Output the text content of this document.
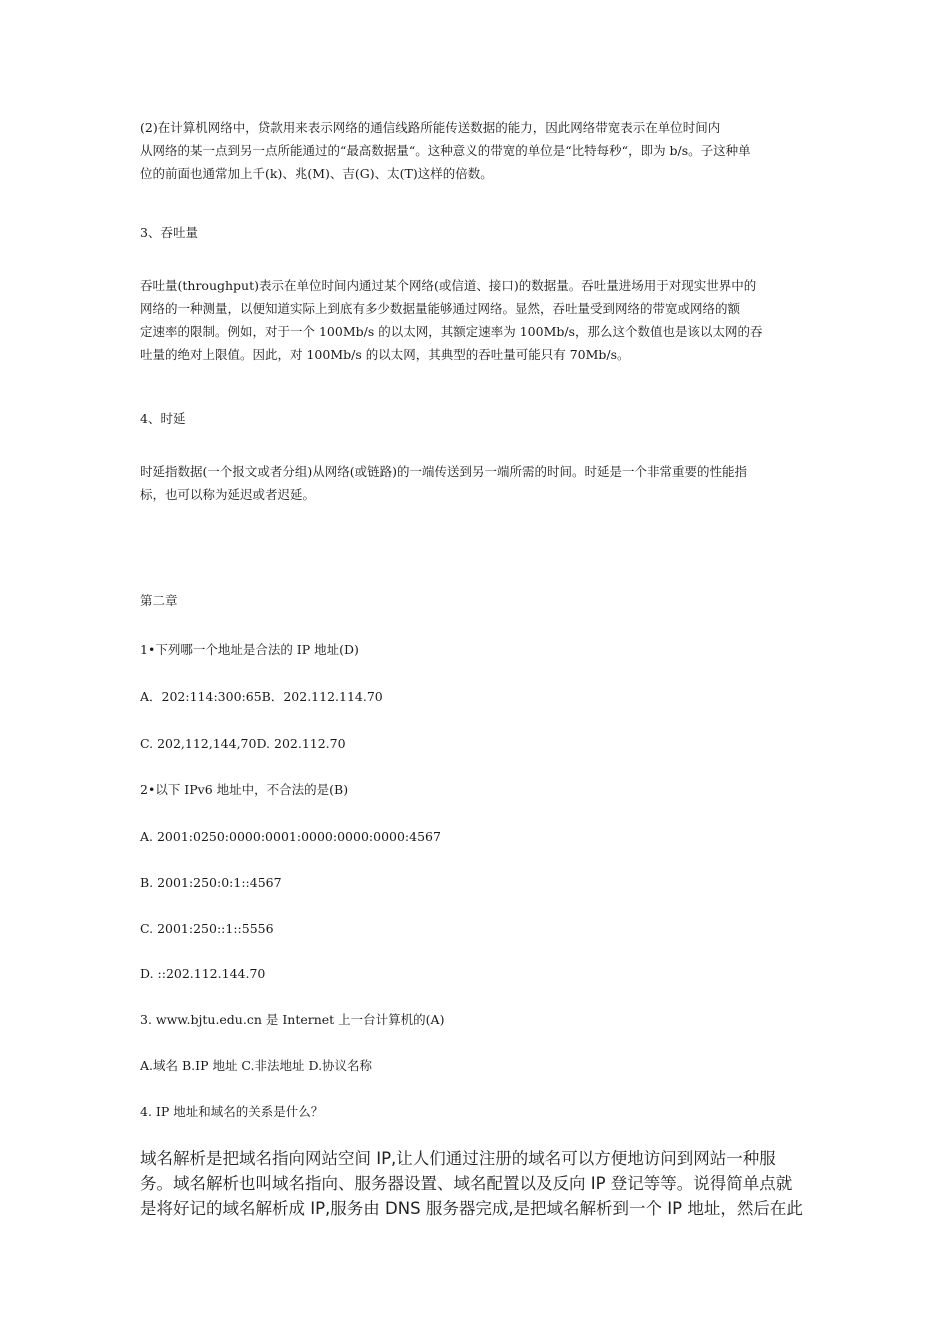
(2)在计算机网络中，贷款用来表示网络的通信线路所能传送数据的能力，因此网络带宽表示在单位时间内
从网络的某一点到另一点所能通过的“最高数据量“。这种意义的带宽的单位是“比特每秒“，即为 b/s。子这种单
位的前面也通常加上千(k)、兆(M)、吉(G)、太(T)这样的倍数。

3、吞吐量

吞吐量(throughput)表示在单位时间内通过某个网络(或信道、接口)的数据量。吞吐量进场用于对现实世界中的
网络的一种测量，以便知道实际上到底有多少数据量能够通过网络。显然，吞吐量受到网络的带宽或网络的额
定速率的限制。例如，对于一个 100Mb/s 的以太网，其额定速率为 100Mb/s，那么这个数值也是该以太网的吞
吐量的绝对上限值。因此，对 100Mb/s 的以太网，其典型的吞吐量可能只有 70Mb/s。

4、时延

时延指数据(一个报文或者分组)从网络(或链路)的一端传送到另一端所需的时间。时延是一个非常重要的性能指
标，也可以称为延迟或者迟延。

第二章

1•下列哪一个地址是合法的 IP 地址(D)

A．202:114:300:65B．202.112.114.70

C. 202,112,144,70D. 202.112.70

2•以下 IPv6 地址中，不合法的是(B)

A. 2001:0250:0000:0001:0000:0000:0000:4567

B. 2001:250:0:1::4567

C. 2001:250::1::5556

D. ::202.112.144.70

3. www.bjtu.edu.cn 是 Internet 上一台计算机的(A)

A.域名 B.IP 地址 C.非法地址 D.协议名称

4. IP 地址和域名的关系是什么？

域名解析是把域名指向网站空间 IP,让人们通过注册的域名可以方便地访问到网站一种服
务。域名解析也叫域名指向、服务器设置、域名配置以及反向 IP 登记等等。说得简单点就
是将好记的域名解析成 IP,服务由 DNS 服务器完成,是把域名解析到一个 IP 地址，然后在此
